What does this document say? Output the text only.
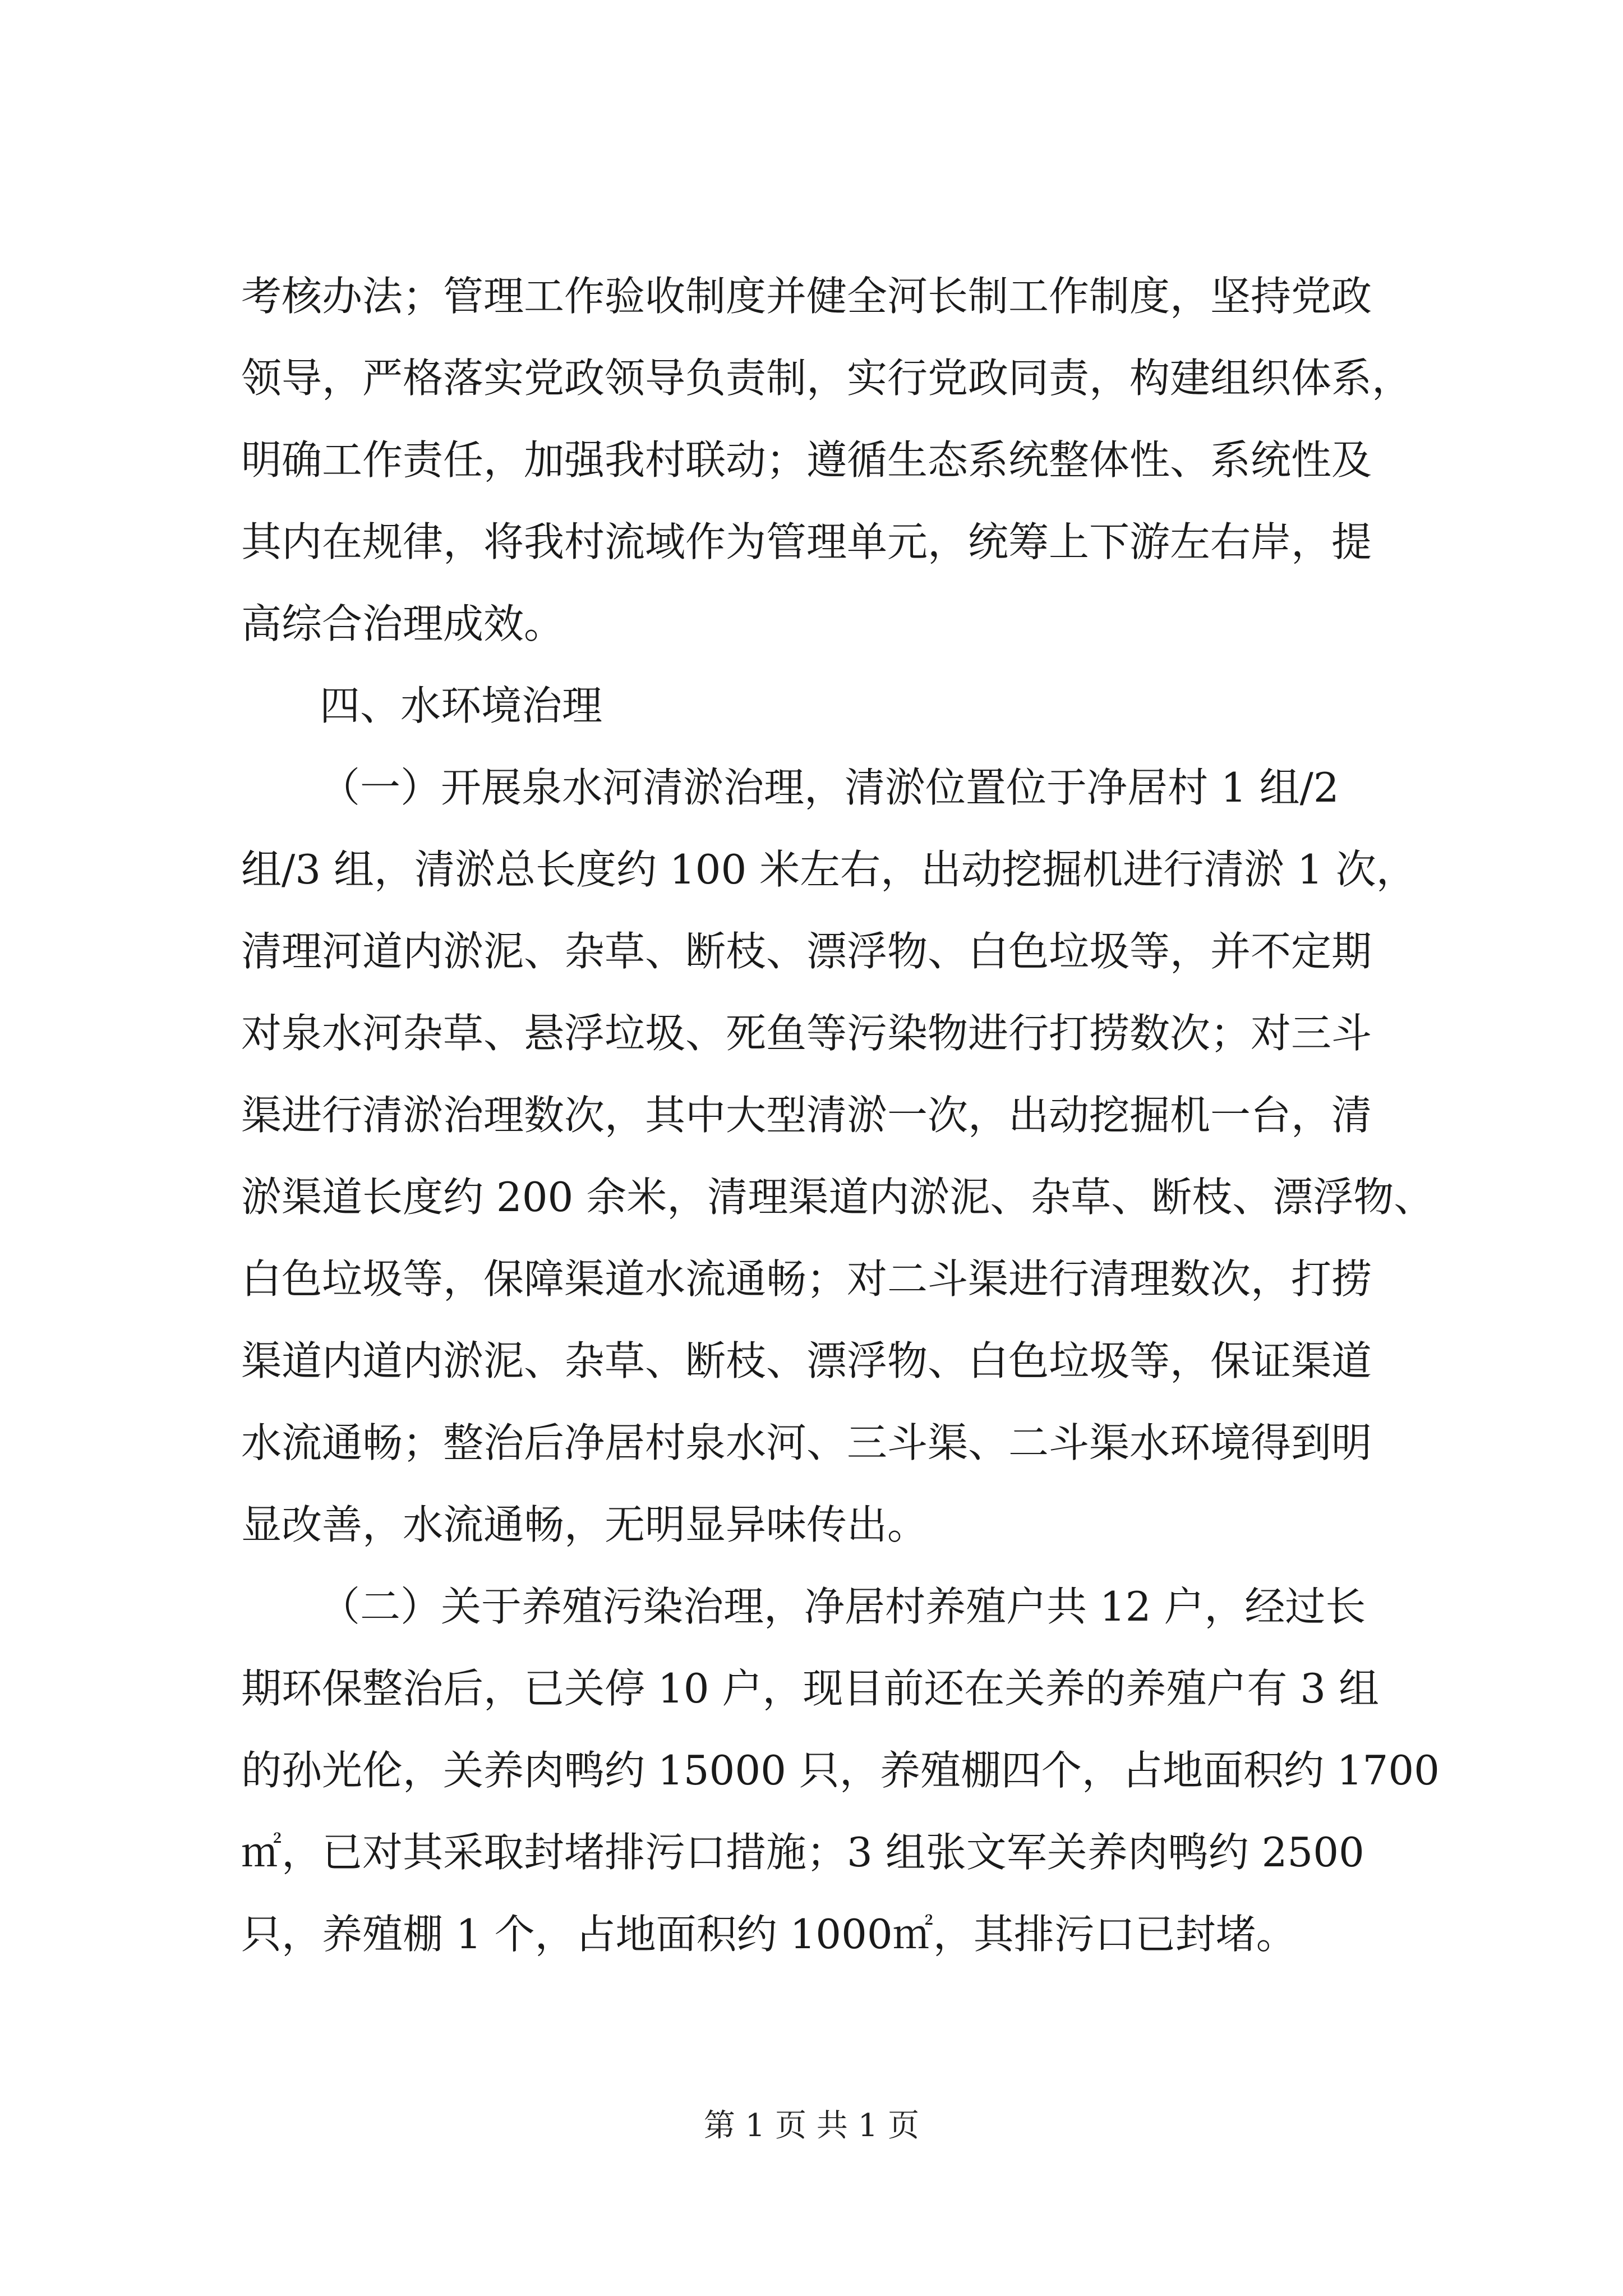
考核办法；管理工作验收制度并健全河长制工作制度，坚持党政
领导，严格落实党政领导负责制，实行党政同责，构建组织体系，
明确工作责任，加强我村联动；遵循生态系统整体性、系统性及
其内在规律，将我村流域作为管理单元，统筹上下游左右岸，提
高综合治理成效。
四、水环境治理
（一）开展泉水河清淤治理，清淤位置位于净居村 1 组/2
组/3 组，清淤总长度约 100 米左右，出动挖掘机进行清淤 1 次，
清理河道内淤泥、杂草、断枝、漂浮物、白色垃圾等，并不定期
对泉水河杂草、悬浮垃圾、死鱼等污染物进行打捞数次；对三斗
渠进行清淤治理数次，其中大型清淤一次，出动挖掘机一台，清
淤渠道长度约 200 余米，清理渠道内淤泥、杂草、断枝、漂浮物、
白色垃圾等，保障渠道水流通畅；对二斗渠进行清理数次，打捞
渠道内道内淤泥、杂草、断枝、漂浮物、白色垃圾等，保证渠道
水流通畅；整治后净居村泉水河、三斗渠、二斗渠水环境得到明
显改善，水流通畅，无明显异味传出。
（二）关于养殖污染治理，净居村养殖户共 12 户，经过长
期环保整治后，已关停 10 户，现目前还在关养的养殖户有 3 组
的孙光伦，关养肉鸭约 15000 只，养殖棚四个，占地面积约 1700
㎡，已对其采取封堵排污口措施；3 组张文军关养肉鸭约 2500
只，养殖棚 1 个，占地面积约 1000㎡，其排污口已封堵。
第 1 页 共 1 页
